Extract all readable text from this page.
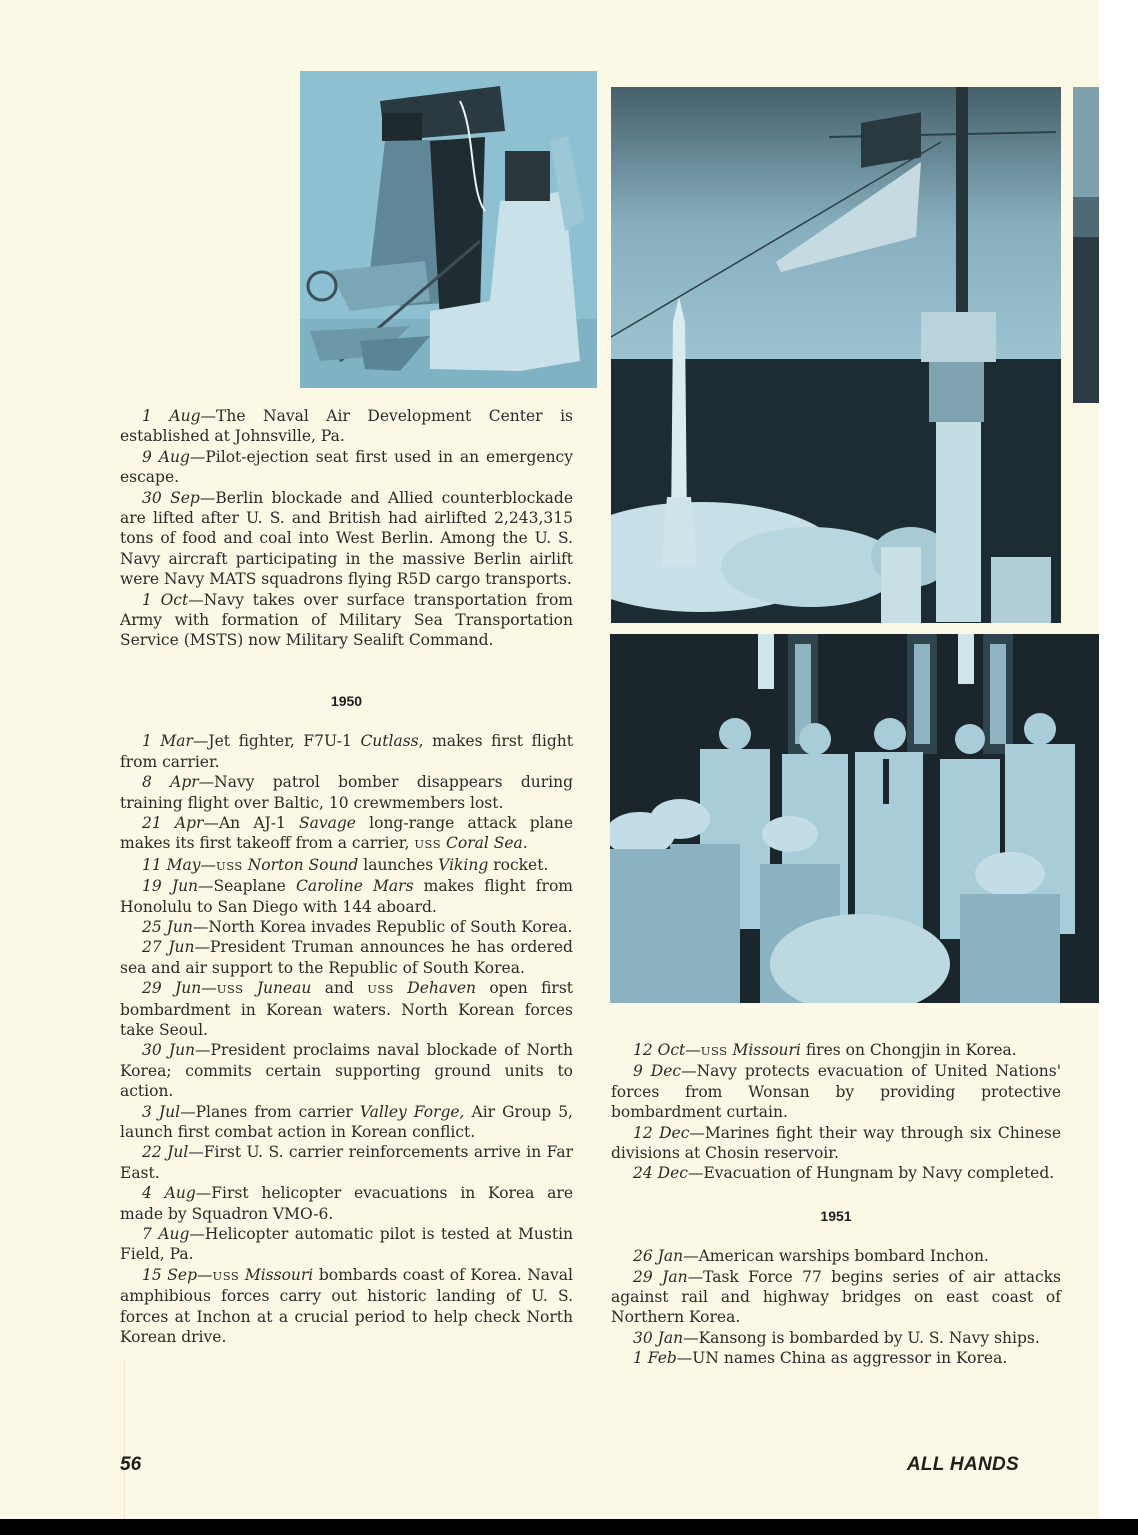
1 Aug—The Naval Air Development Center is established at Johnsville, Pa.

9 Aug—Pilot-ejection seat first used in an emergency escape.

30 Sep—Berlin blockade and Allied counterblockade are lifted after U. S. and British had airlifted 2,243,315 tons of food and coal into West Berlin. Among the U. S. Navy aircraft participating in the massive Berlin airlift were Navy MATS squadrons flying R5D cargo transports.

1 Oct—Navy takes over surface transportation from Army with formation of Military Sea Transportation Service (MSTS) now Military Sealift Command.

1950

1 Mar—Jet fighter, F7U-1 Cutlass, makes first flight from carrier.

8 Apr—Navy patrol bomber disappears during training flight over Baltic, 10 crewmembers lost.

21 Apr—An AJ-1 Savage long-range attack plane makes its first takeoff from a carrier, USS Coral Sea.

11 May—USS Norton Sound launches Viking rocket.

19 Jun—Seaplane Caroline Mars makes flight from Honolulu to San Diego with 144 aboard.

25 Jun—North Korea invades Republic of South Korea.

27 Jun—President Truman announces he has ordered sea and air support to the Republic of South Korea.

29 Jun—USS Juneau and USS Dehaven open first bombardment in Korean waters. North Korean forces take Seoul.

30 Jun—President proclaims naval blockade of North Korea; commits certain supporting ground units to action.

3 Jul—Planes from carrier Valley Forge, Air Group 5, launch first combat action in Korean conflict.

22 Jul—First U. S. carrier reinforcements arrive in Far East.

4 Aug—First helicopter evacuations in Korea are made by Squadron VMO-6.

7 Aug—Helicopter automatic pilot is tested at Mustin Field, Pa.

15 Sep—USS Missouri bombards coast of Korea. Naval amphibious forces carry out historic landing of U. S. forces at Inchon at a crucial period to help check North Korean drive.

12 Oct—USS Missouri fires on Chongjin in Korea.

9 Dec—Navy protects evacuation of United Nations' forces from Wonsan by providing protective bombardment curtain.

12 Dec—Marines fight their way through six Chinese divisions at Chosin reservoir.

24 Dec—Evacuation of Hungnam by Navy completed.

1951

26 Jan—American warships bombard Inchon.

29 Jan—Task Force 77 begins series of air attacks against rail and highway bridges on east coast of Northern Korea.

30 Jan—Kansong is bombarded by U. S. Navy ships.

1 Feb—UN names China as aggressor in Korea.

56	ALL HANDS
